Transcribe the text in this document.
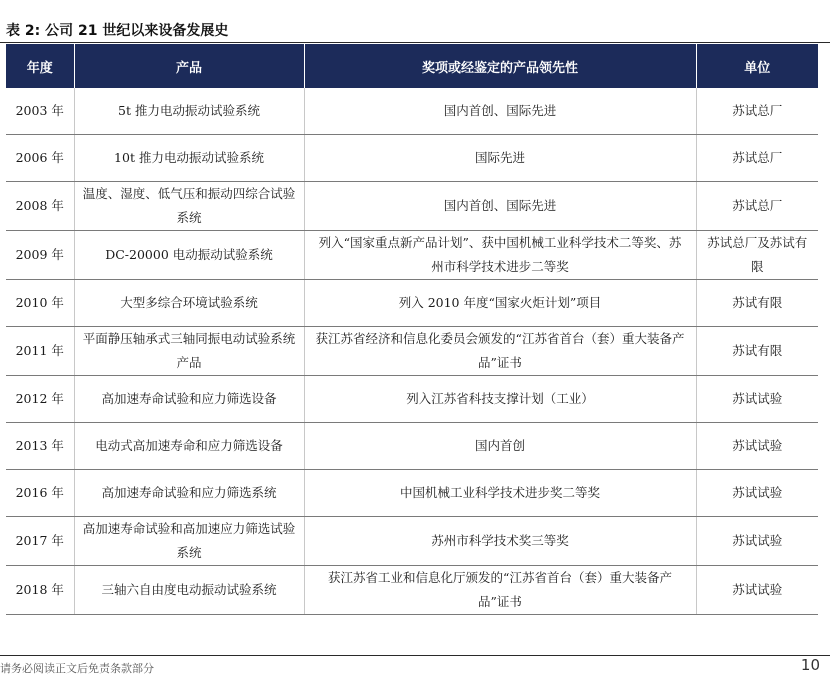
表 2: 公司 21 世纪以来设备发展史
年度	产品	奖项或经鉴定的产品领先性	单位
2003 年	5t 推力电动振动试验系统	国内首创、国际先进	苏试总厂
2006 年	10t 推力电动振动试验系统	国际先进	苏试总厂
2008 年	温度、湿度、低气压和振动四综合试验系统	国内首创、国际先进	苏试总厂
2009 年	DC-20000 电动振动试验系统	列入“国家重点新产品计划”、获中国机械工业科学技术二等奖、苏州市科学技术进步二等奖	苏试总厂及苏试有限
2010 年	大型多综合环境试验系统	列入 2010 年度“国家火炬计划”项目	苏试有限
2011 年	平面静压轴承式三轴同振电动试验系统产品	获江苏省经济和信息化委员会颁发的“江苏省首台（套）重大装备产品”证书	苏试有限
2012 年	高加速寿命试验和应力筛选设备	列入江苏省科技支撑计划（工业）	苏试试验
2013 年	电动式高加速寿命和应力筛选设备	国内首创	苏试试验
2016 年	高加速寿命试验和应力筛选系统	中国机械工业科学技术进步奖二等奖	苏试试验
2017 年	高加速寿命试验和高加速应力筛选试验系统	苏州市科学技术奖三等奖	苏试试验
2018 年	三轴六自由度电动振动试验系统	获江苏省工业和信息化厅颁发的“江苏省首台（套）重大装备产品”证书	苏试试验
请务必阅读正文后免责条款部分	10
